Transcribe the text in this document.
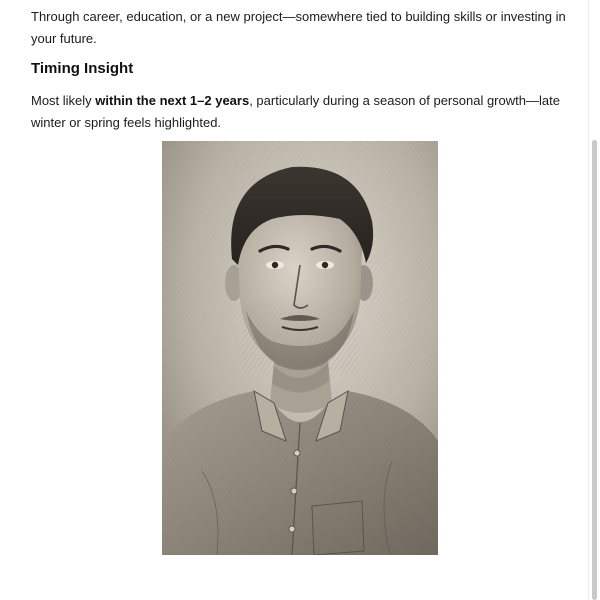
Through career, education, or a new project—somewhere tied to building skills or investing in your future.

Timing Insight

Most likely within the next 1–2 years, particularly during a season of personal growth—late winter or spring feels highlighted.
